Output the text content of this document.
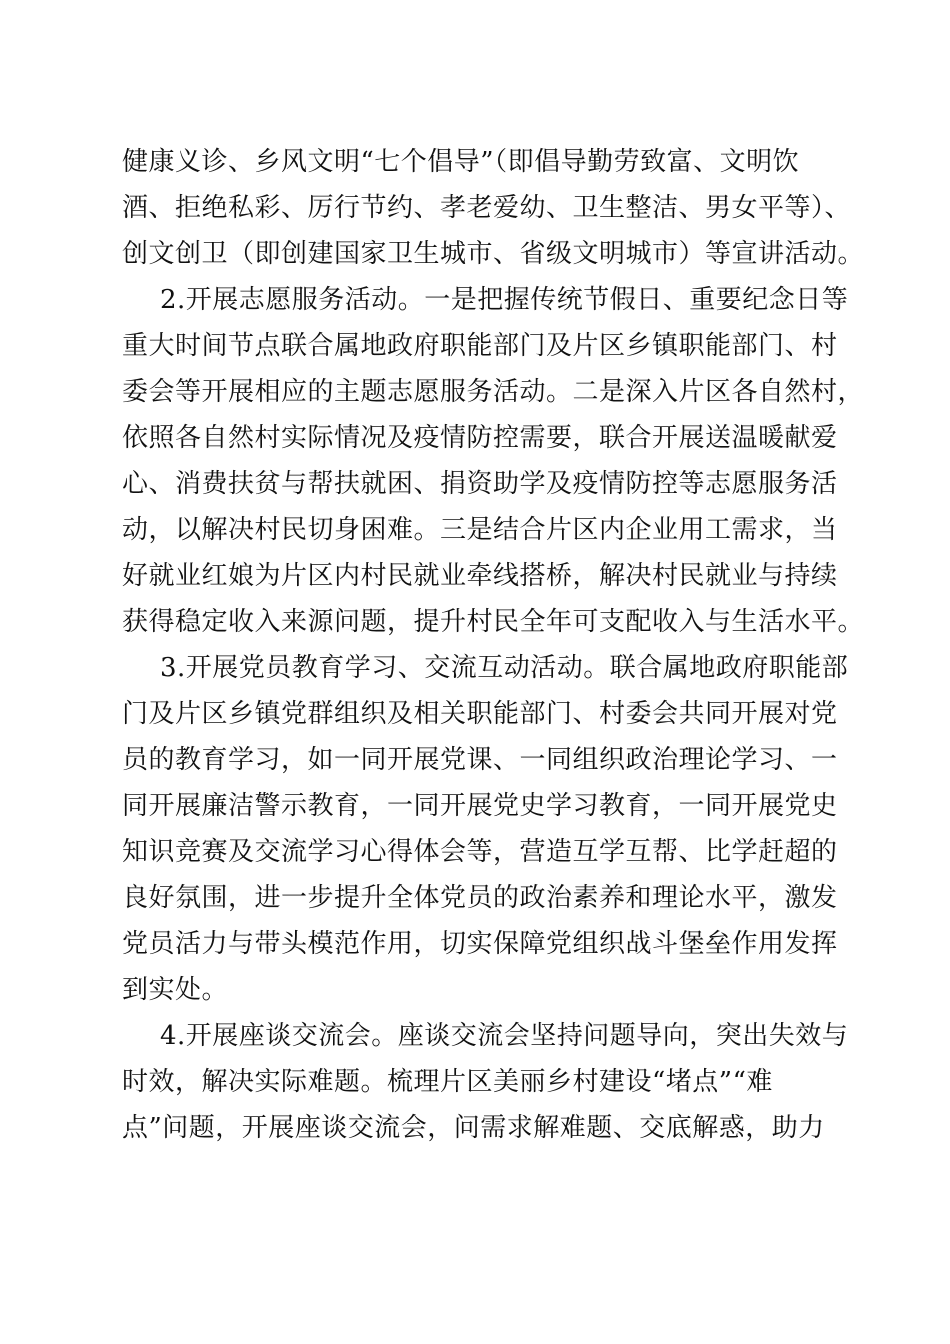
健康义诊、乡风文明“七个倡导”（即倡导勤劳致富、文明饮
酒、拒绝私彩、厉行节约、孝老爱幼、卫生整洁、男女平等）、
创文创卫（即创建国家卫生城市、省级文明城市）等宣讲活动。
2.开展志愿服务活动。一是把握传统节假日、重要纪念日等
重大时间节点联合属地政府职能部门及片区乡镇职能部门、村
委会等开展相应的主题志愿服务活动。二是深入片区各自然村，
依照各自然村实际情况及疫情防控需要，联合开展送温暖献爱
心、消费扶贫与帮扶就困、捐资助学及疫情防控等志愿服务活
动，以解决村民切身困难。三是结合片区内企业用工需求，当
好就业红娘为片区内村民就业牵线搭桥，解决村民就业与持续
获得稳定收入来源问题，提升村民全年可支配收入与生活水平。
3.开展党员教育学习、交流互动活动。联合属地政府职能部
门及片区乡镇党群组织及相关职能部门、村委会共同开展对党
员的教育学习，如一同开展党课、一同组织政治理论学习、一
同开展廉洁警示教育，一同开展党史学习教育，一同开展党史
知识竞赛及交流学习心得体会等，营造互学互帮、比学赶超的
良好氛围，进一步提升全体党员的政治素养和理论水平，激发
党员活力与带头模范作用，切实保障党组织战斗堡垒作用发挥
到实处。
4.开展座谈交流会。座谈交流会坚持问题导向，突出失效与
时效，解决实际难题。梳理片区美丽乡村建设“堵点”“难
点”问题，开展座谈交流会，问需求解难题、交底解惑，助力
